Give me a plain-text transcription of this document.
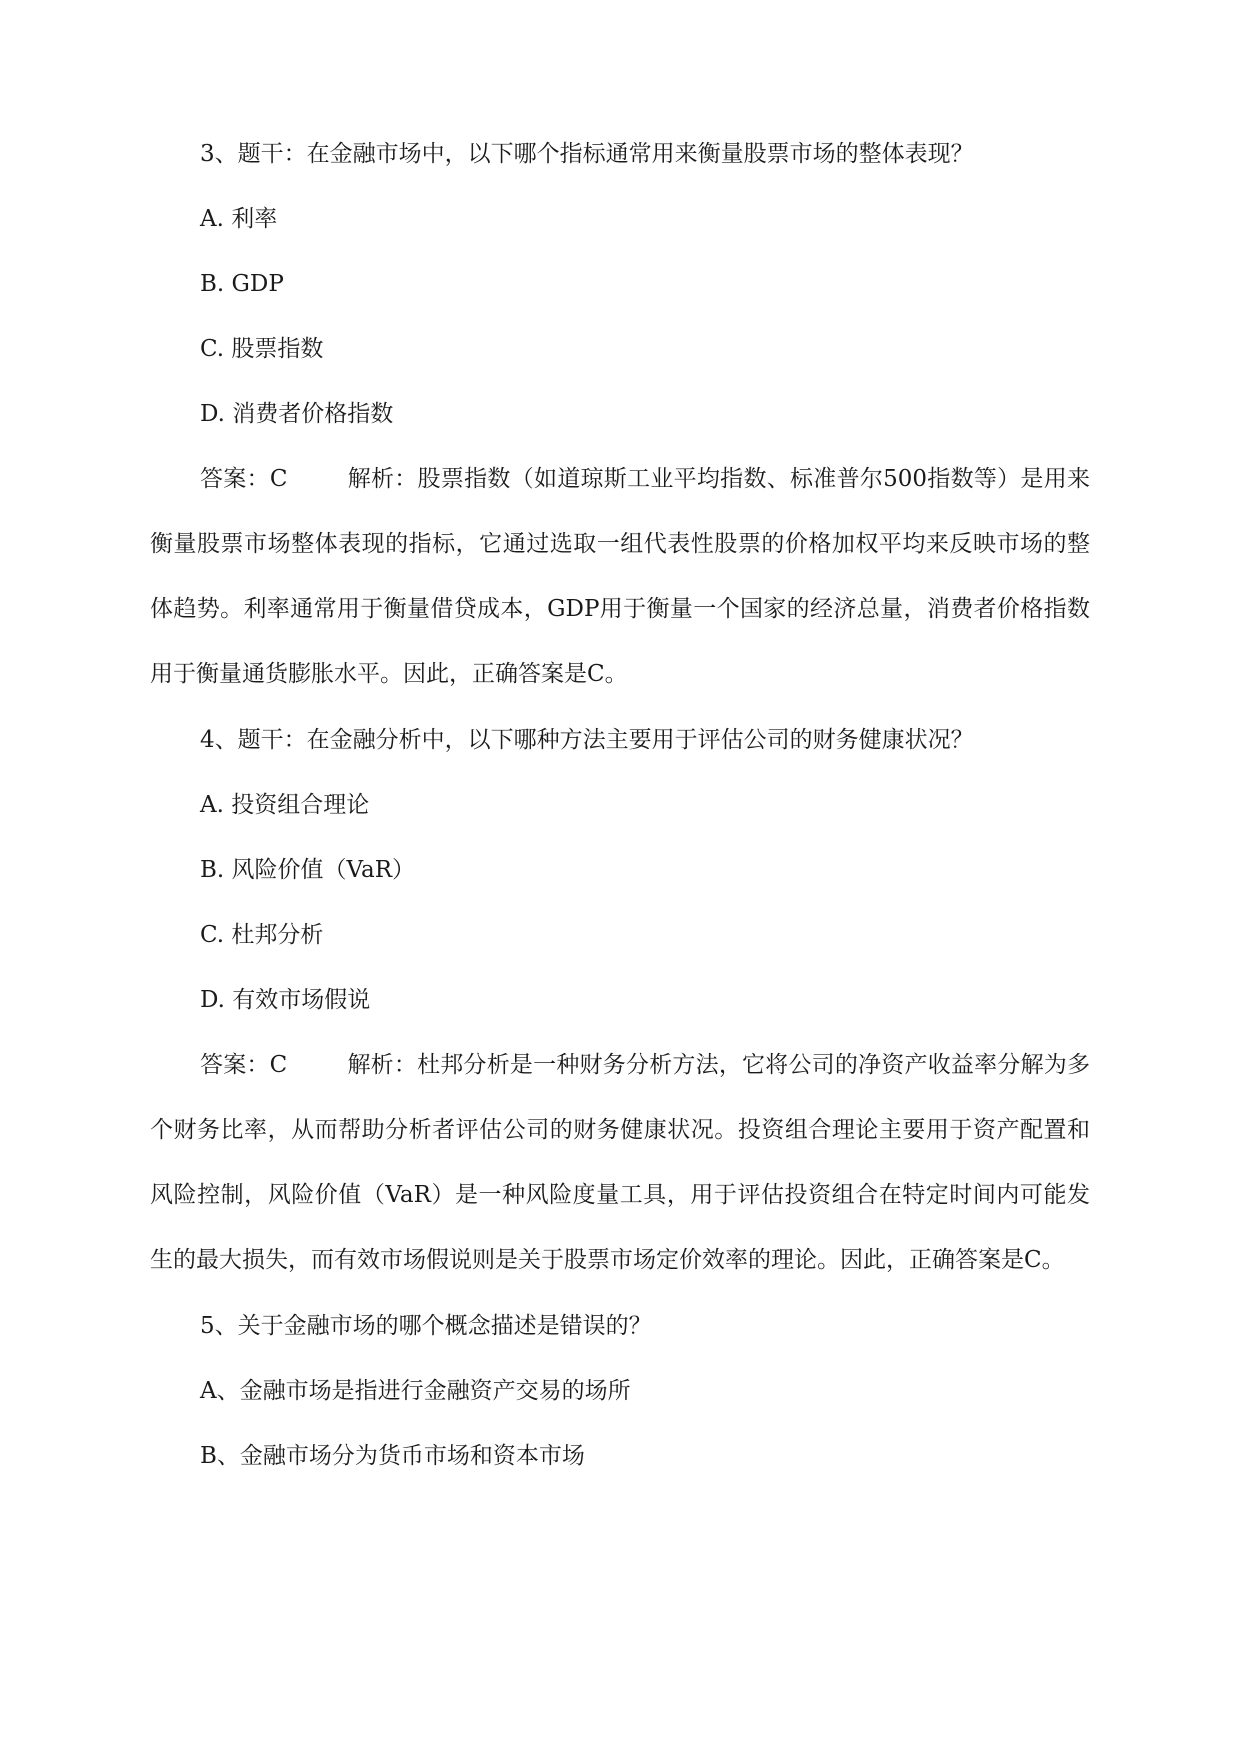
3、题干：在金融市场中，以下哪个指标通常用来衡量股票市场的整体表现？
A. 利率
B. GDP
C. 股票指数
D. 消费者价格指数
答案：C	解析：股票指数（如道琼斯工业平均指数、标准普尔500指数等）是用来衡量股票市场整体表现的指标，它通过选取一组代表性股票的价格加权平均来反映市场的整体趋势。利率通常用于衡量借贷成本，GDP用于衡量一个国家的经济总量，消费者价格指数用于衡量通货膨胀水平。因此，正确答案是C。
4、题干：在金融分析中，以下哪种方法主要用于评估公司的财务健康状况？
A. 投资组合理论
B. 风险价值（VaR）
C. 杜邦分析
D. 有效市场假说
答案：C	解析：杜邦分析是一种财务分析方法，它将公司的净资产收益率分解为多个财务比率，从而帮助分析者评估公司的财务健康状况。投资组合理论主要用于资产配置和风险控制，风险价值（VaR）是一种风险度量工具，用于评估投资组合在特定时间内可能发生的最大损失，而有效市场假说则是关于股票市场定价效率的理论。因此，正确答案是C。
5、关于金融市场的哪个概念描述是错误的？
A、金融市场是指进行金融资产交易的场所
B、金融市场分为货币市场和资本市场
